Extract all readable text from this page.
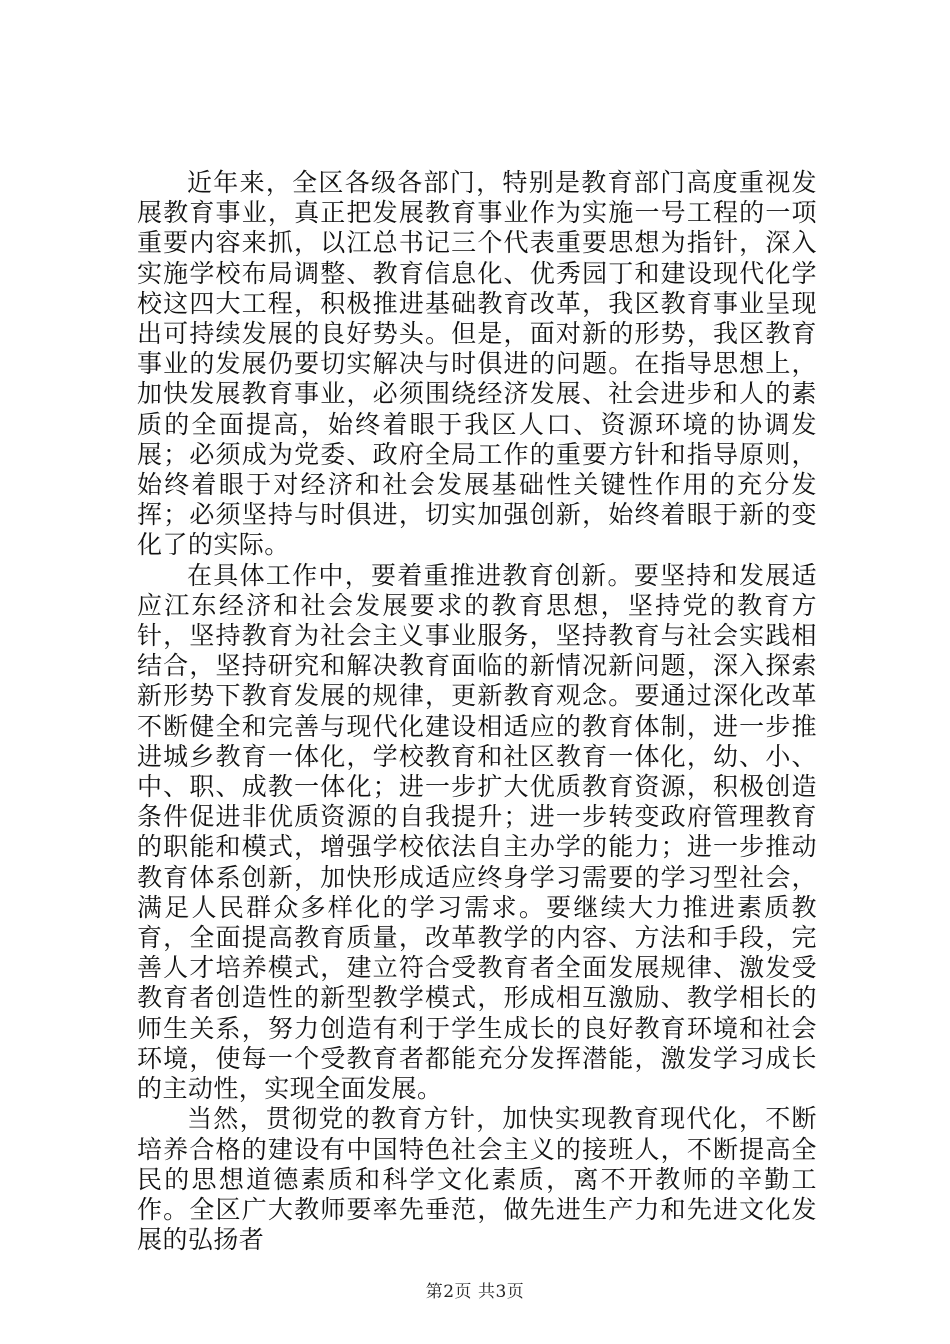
近年来，全区各级各部门，特别是教育部门高度重视发展教育事业，真正把发展教育事业作为实施一号工程的一项重要内容来抓，以江总书记三个代表重要思想为指针，深入实施学校布局调整、教育信息化、优秀园丁和建设现代化学校这四大工程，积极推进基础教育改革，我区教育事业呈现出可持续发展的良好势头。但是，面对新的形势，我区教育事业的发展仍要切实解决与时俱进的问题。在指导思想上，加快发展教育事业，必须围绕经济发展、社会进步和人的素质的全面提高，始终着眼于我区人口、资源环境的协调发展；必须成为党委、政府全局工作的重要方针和指导原则，始终着眼于对经济和社会发展基础性关键性作用的充分发挥；必须坚持与时俱进，切实加强创新，始终着眼于新的变化了的实际。

在具体工作中，要着重推进教育创新。要坚持和发展适应江东经济和社会发展要求的教育思想，坚持党的教育方针，坚持教育为社会主义事业服务，坚持教育与社会实践相结合，坚持研究和解决教育面临的新情况新问题，深入探索新形势下教育发展的规律，更新教育观念。要通过深化改革不断健全和完善与现代化建设相适应的教育体制，进一步推进城乡教育一体化，学校教育和社区教育一体化，幼、小、中、职、成教一体化；进一步扩大优质教育资源，积极创造条件促进非优质资源的自我提升；进一步转变政府管理教育的职能和模式，增强学校依法自主办学的能力；进一步推动教育体系创新，加快形成适应终身学习需要的学习型社会，满足人民群众多样化的学习需求。要继续大力推进素质教育，全面提高教育质量，改革教学的内容、方法和手段，完善人才培养模式，建立符合受教育者全面发展规律、激发受教育者创造性的新型教学模式，形成相互激励、教学相长的师生关系，努力创造有利于学生成长的良好教育环境和社会环境，使每一个受教育者都能充分发挥潜能，激发学习成长的主动性，实现全面发展。

当然，贯彻党的教育方针，加快实现教育现代化，不断培养合格的建设有中国特色社会主义的接班人，不断提高全民的思想道德素质和科学文化素质，离不开教师的辛勤工作。全区广大教师要率先垂范，做先进生产力和先进文化发展的弘扬者

第2页 共3页
